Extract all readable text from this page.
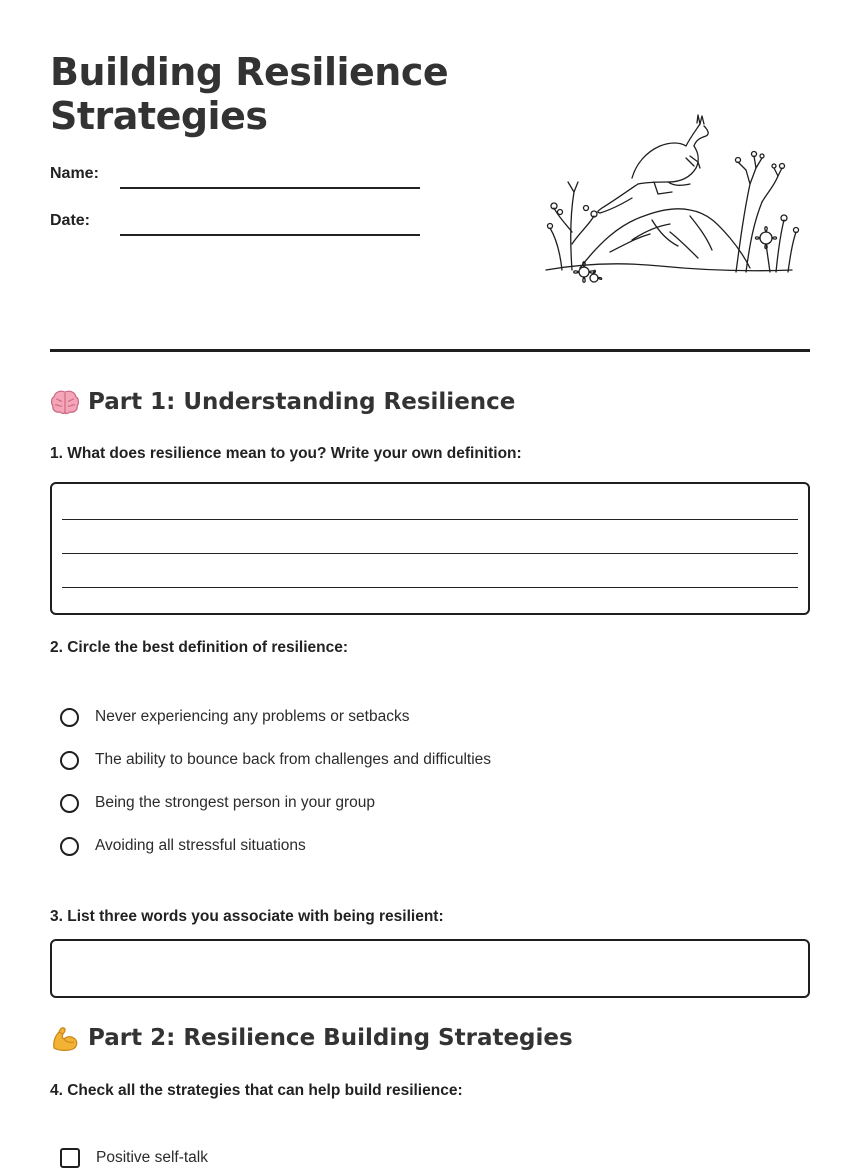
Building Resilience Strategies
Name:
Date:
Part 1: Understanding Resilience
1. What does resilience mean to you? Write your own definition:
2. Circle the best definition of resilience:
Never experiencing any problems or setbacks
The ability to bounce back from challenges and difficulties
Being the strongest person in your group
Avoiding all stressful situations
3. List three words you associate with being resilient:
Part 2: Resilience Building Strategies
4. Check all the strategies that can help build resilience:
Positive self-talk
